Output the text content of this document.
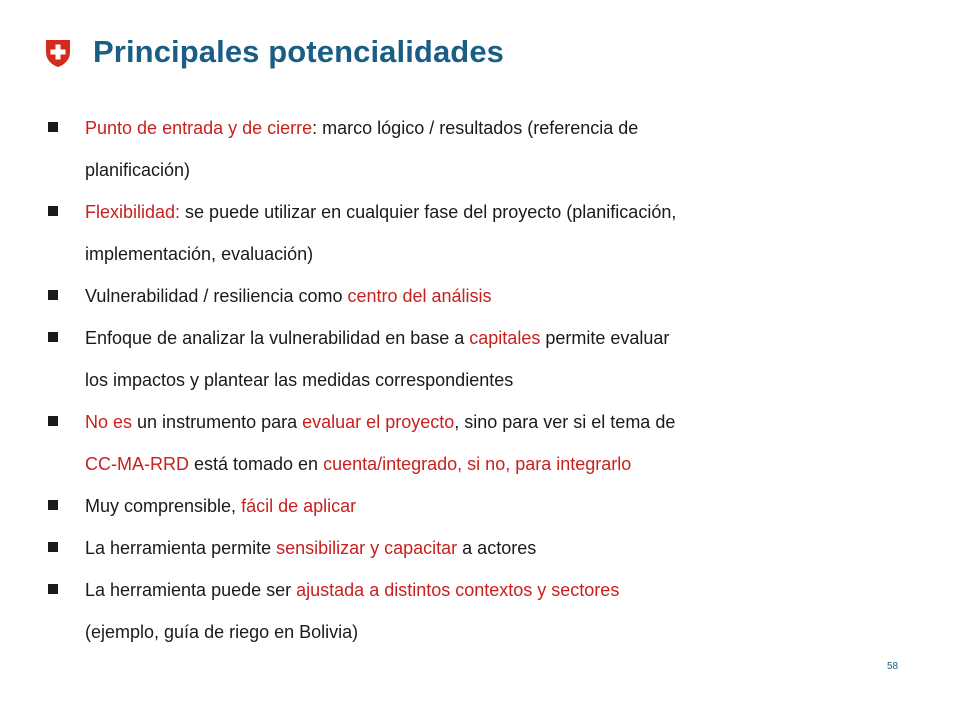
Principales potencialidades
Punto de entrada y de cierre: marco lógico / resultados (referencia de
planificación)
Flexibilidad: se puede utilizar en cualquier fase del proyecto (planificación,
implementación, evaluación)
Vulnerabilidad / resiliencia como centro del análisis
Enfoque de analizar la vulnerabilidad en base a capitales permite evaluar
los impactos y plantear las medidas correspondientes
No es un instrumento para evaluar el proyecto, sino para ver si el tema de
CC-MA-RRD está tomado en cuenta/integrado, si no, para integrarlo
Muy comprensible, fácil de aplicar
La herramienta permite sensibilizar y capacitar a actores
La herramienta puede ser ajustada a distintos contextos y sectores
(ejemplo, guía de riego en Bolivia)
58
